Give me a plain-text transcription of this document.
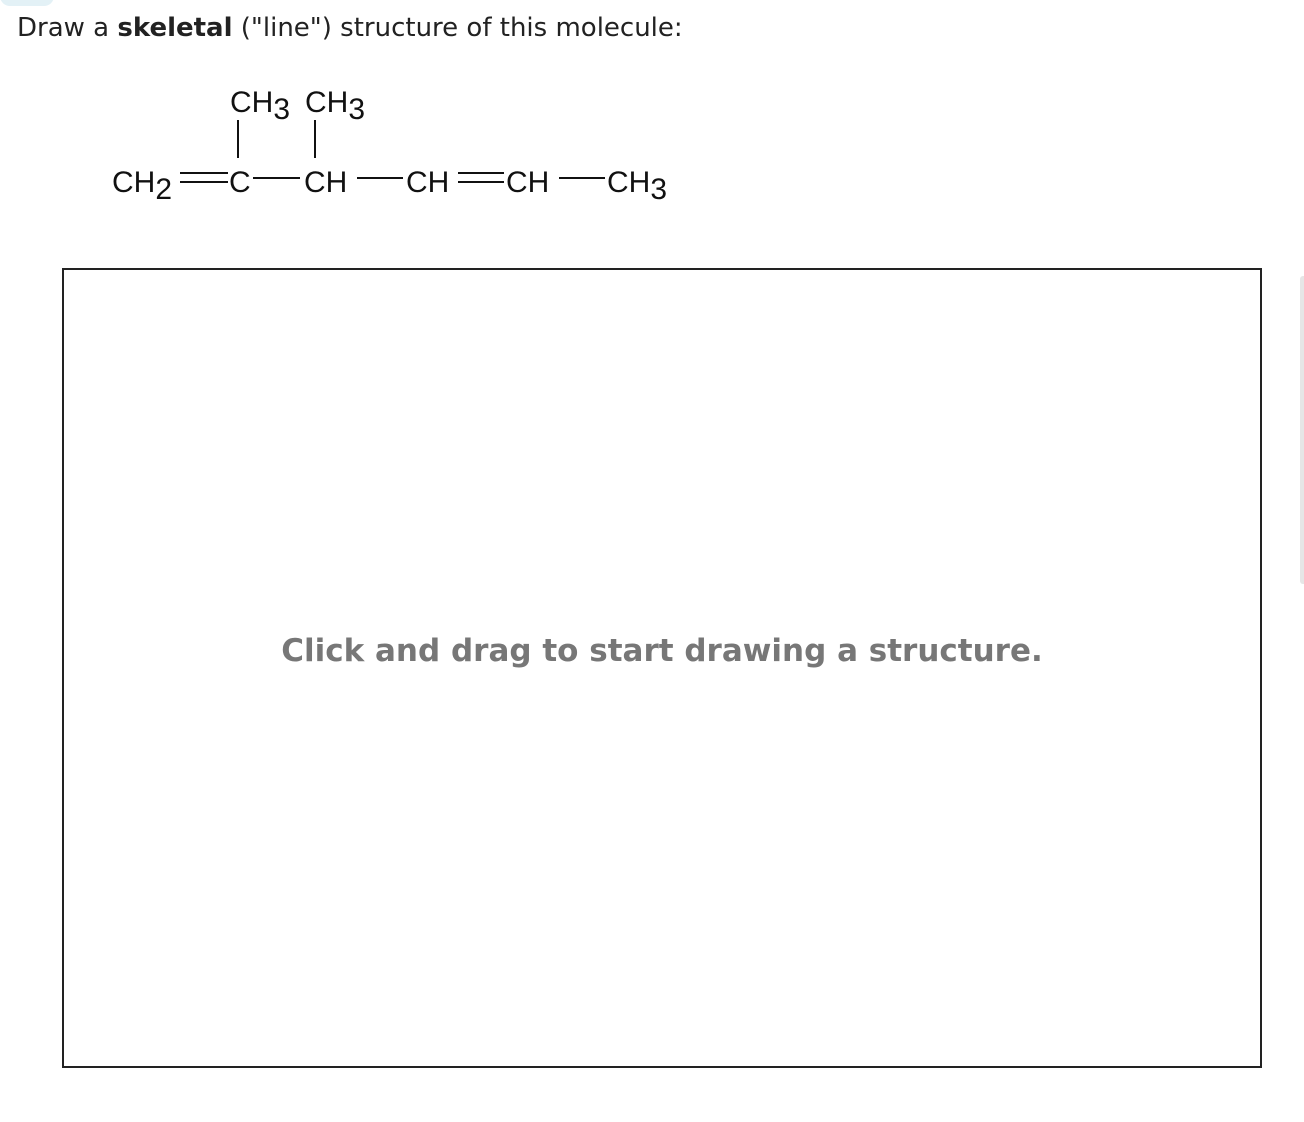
Draw a skeletal ("line") structure of this molecule:
CH3 CH3
CH2 C CH CH CH CH3
Click and drag to start drawing a structure.
